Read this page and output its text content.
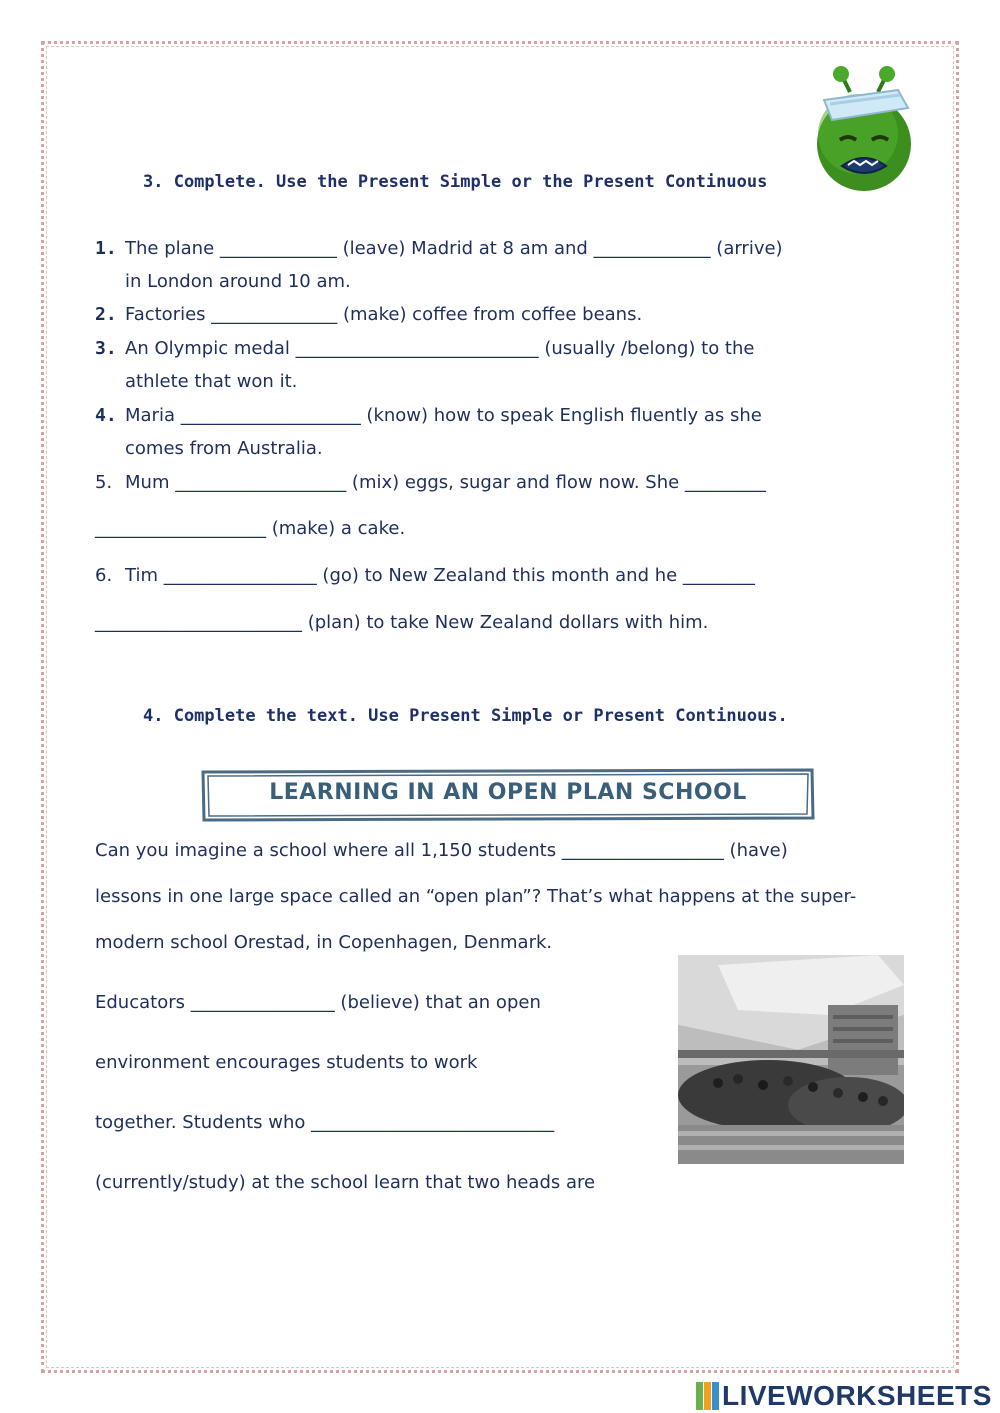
3. Complete. Use the Present Simple or the Present Continuous
1. The plane _____________ (leave) Madrid at 8 am and _____________ (arrive)
in London around 10 am.
2. Factories ______________ (make) coffee from coffee beans.
3. An Olympic medal ___________________________ (usually /belong) to the
athlete that won it.
4. Maria ____________________ (know) how to speak English fluently as she
comes from Australia.
5. Mum ___________________ (mix) eggs, sugar and flow now. She _________
___________________ (make) a cake.
6. Tim _________________ (go) to New Zealand this month and he ________
_______________________ (plan) to take New Zealand dollars with him.
4. Complete the text. Use Present Simple or Present Continuous.
LEARNING IN AN OPEN PLAN SCHOOL
Can you imagine a school where all 1,150 students __________________ (have)
lessons in one large space called an “open plan”? That’s what happens at the super-
modern school Orestad, in Copenhagen, Denmark.
Educators ________________ (believe) that an open
environment encourages students to work
together. Students who ___________________________
(currently/study) at the school learn that two heads are
LIVEWORKSHEETS
